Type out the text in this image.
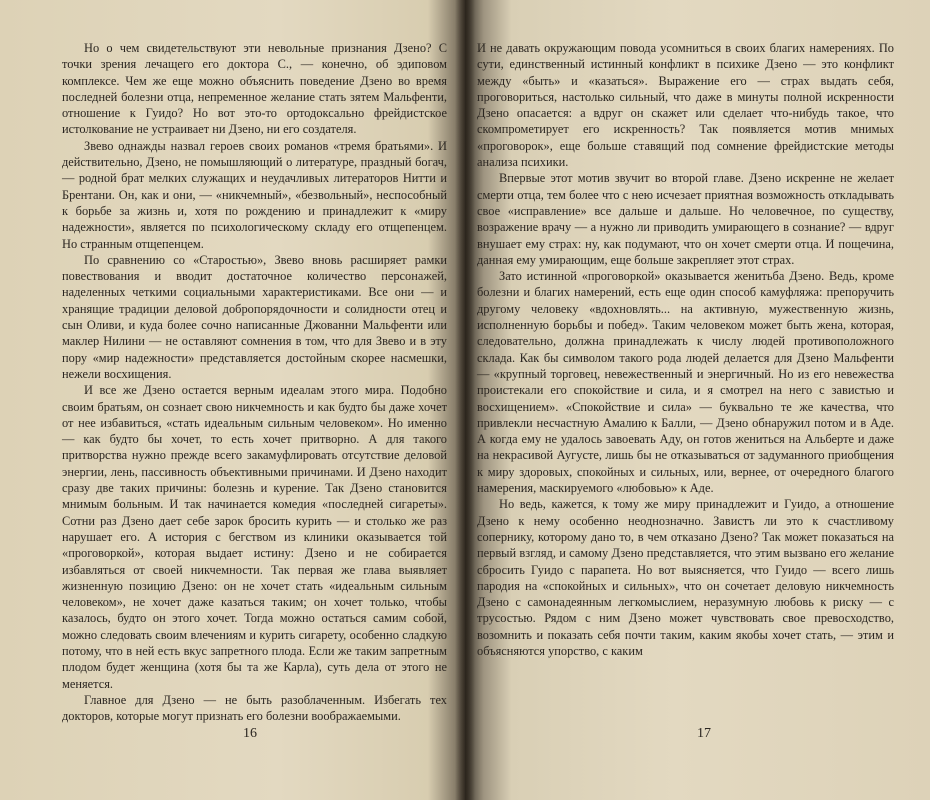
Но о чем свидетельствуют эти невольные признания Дзено? С точки зрения лечащего его доктора С., — конечно, об эдиповом комплексе. Чем же еще можно объяснить поведение Дзено во время последней болезни отца, непременное желание стать зятем Мальфенти, отношение к Гуидо? Но вот это-то ортодоксально фрейдистское истолкование не устраивает ни Дзено, ни его создателя.

Звево однажды назвал героев своих романов «тремя братьями». И действительно, Дзено, не помышляющий о литературе, праздный богач, — родной брат мелких служащих и неудачливых литераторов Нитти и Брентани. Он, как и они, — «никчемный», «безвольный», неспособный к борьбе за жизнь и, хотя по рождению и принадлежит к «миру надежности», является по психологическому складу его отщепенцем. Но странным отщепенцем.

По сравнению со «Старостью», Звево вновь расширяет рамки повествования и вводит достаточное количество персонажей, наделенных четкими социальными характеристиками. Все они — и хранящие традиции деловой добропорядочности и солидности отец и сын Оливи, и куда более сочно написанные Джованни Мальфенти или маклер Нилини — не оставляют сомнения в том, что для Звево и в эту пору «мир надежности» представляется достойным скорее насмешки, нежели восхищения.

И все же Дзено остается верным идеалам этого мира. Подобно своим братьям, он сознает свою никчемность и как будто бы даже хочет от нее избавиться, «стать идеальным сильным человеком». Но именно — как будто бы хочет, то есть хочет притворно. А для такого притворства нужно прежде всего закамуфлировать отсутствие деловой энергии, лень, пассивность объективными причинами. И Дзено находит сразу две таких причины: болезнь и курение. Так Дзено становится мнимым больным. И так начинается комедия «последней сигареты». Сотни раз Дзено дает себе зарок бросить курить — и столько же раз нарушает его. А история с бегством из клиники оказывается той «проговоркой», которая выдает истину: Дзено и не собирается избавляться от своей никчемности. Так первая же глава выявляет жизненную позицию Дзено: он не хочет стать «идеальным сильным человеком», не хочет даже казаться таким; он хочет только, чтобы казалось, будто он этого хочет. Тогда можно остаться самим собой, можно следовать своим влечениям и курить сигарету, особенно сладкую потому, что в ней есть вкус запретного плода. Если же таким запретным плодом будет женщина (хотя бы та же Карла), суть дела от этого не меняется.

Главное для Дзено — не быть разоблаченным. Избегать тех докторов, которые могут признать его болезни воображаемыми.

16

И не давать окружающим повода усомниться в своих благих намерениях. По сути, единственный истинный конфликт в психике Дзено — это конфликт между «быть» и «казаться». Выражение его — страх выдать себя, проговориться, настолько сильный, что даже в минуты полной искренности Дзено опасается: а вдруг он скажет или сделает что-нибудь такое, что скомпрометирует его искренность? Так появляется мотив мнимых «проговорок», еще больше ставящий под сомнение фрейдистские методы анализа психики.

Впервые этот мотив звучит во второй главе. Дзено искренне не желает смерти отца, тем более что с нею исчезает приятная возможность откладывать свое «исправление» все дальше и дальше. Но человечное, по существу, возражение врачу — а нужно ли приводить умирающего в сознание? — вдруг внушает ему страх: ну, как подумают, что он хочет смерти отца. И пощечина, данная ему умирающим, еще больше закрепляет этот страх.

Зато истинной «проговоркой» оказывается женитьба Дзено. Ведь, кроме болезни и благих намерений, есть еще один способ камуфляжа: препоручить другому человеку «вдохновлять... на активную, мужественную жизнь, исполненную борьбы и побед». Таким человеком может быть жена, которая, следовательно, должна принадлежать к числу людей противоположного склада. Как бы символом такого рода людей делается для Дзено Мальфенти — «крупный торговец, невежественный и энергичный. Но из его невежества проистекали его спокойствие и сила, и я смотрел на него с завистью и восхищением». «Спокойствие и сила» — буквально те же качества, что привлекли несчастную Амалию к Балли, — Дзено обнаружил потом и в Аде. А когда ему не удалось завоевать Аду, он готов жениться на Альберте и даже на некрасивой Аугусте, лишь бы не отказываться от задуманного приобщения к миру здоровых, спокойных и сильных, или, вернее, от очередного благого намерения, маскируемого «любовью» к Аде.

Но ведь, кажется, к тому же миру принадлежит и Гуидо, а отношение Дзено к нему особенно неоднозначно. Завистъ ли это к счастливому сопернику, которому дано то, в чем отказано Дзено? Так может показаться на первый взгляд, и самому Дзено представляется, что этим вызвано его желание сбросить Гуидо с парапета. Но вот выясняется, что Гуидо — всего лишь пародия на «спокойных и сильных», что он сочетает деловую никчемность Дзено с самонадеянным легкомыслием, неразумную любовь к риску — с трусостью. Рядом с ним Дзено может чувствовать свое превосходство, возомнить и показать себя почти таким, каким якобы хочет стать, — этим и объясняются упорство, с каким

17
